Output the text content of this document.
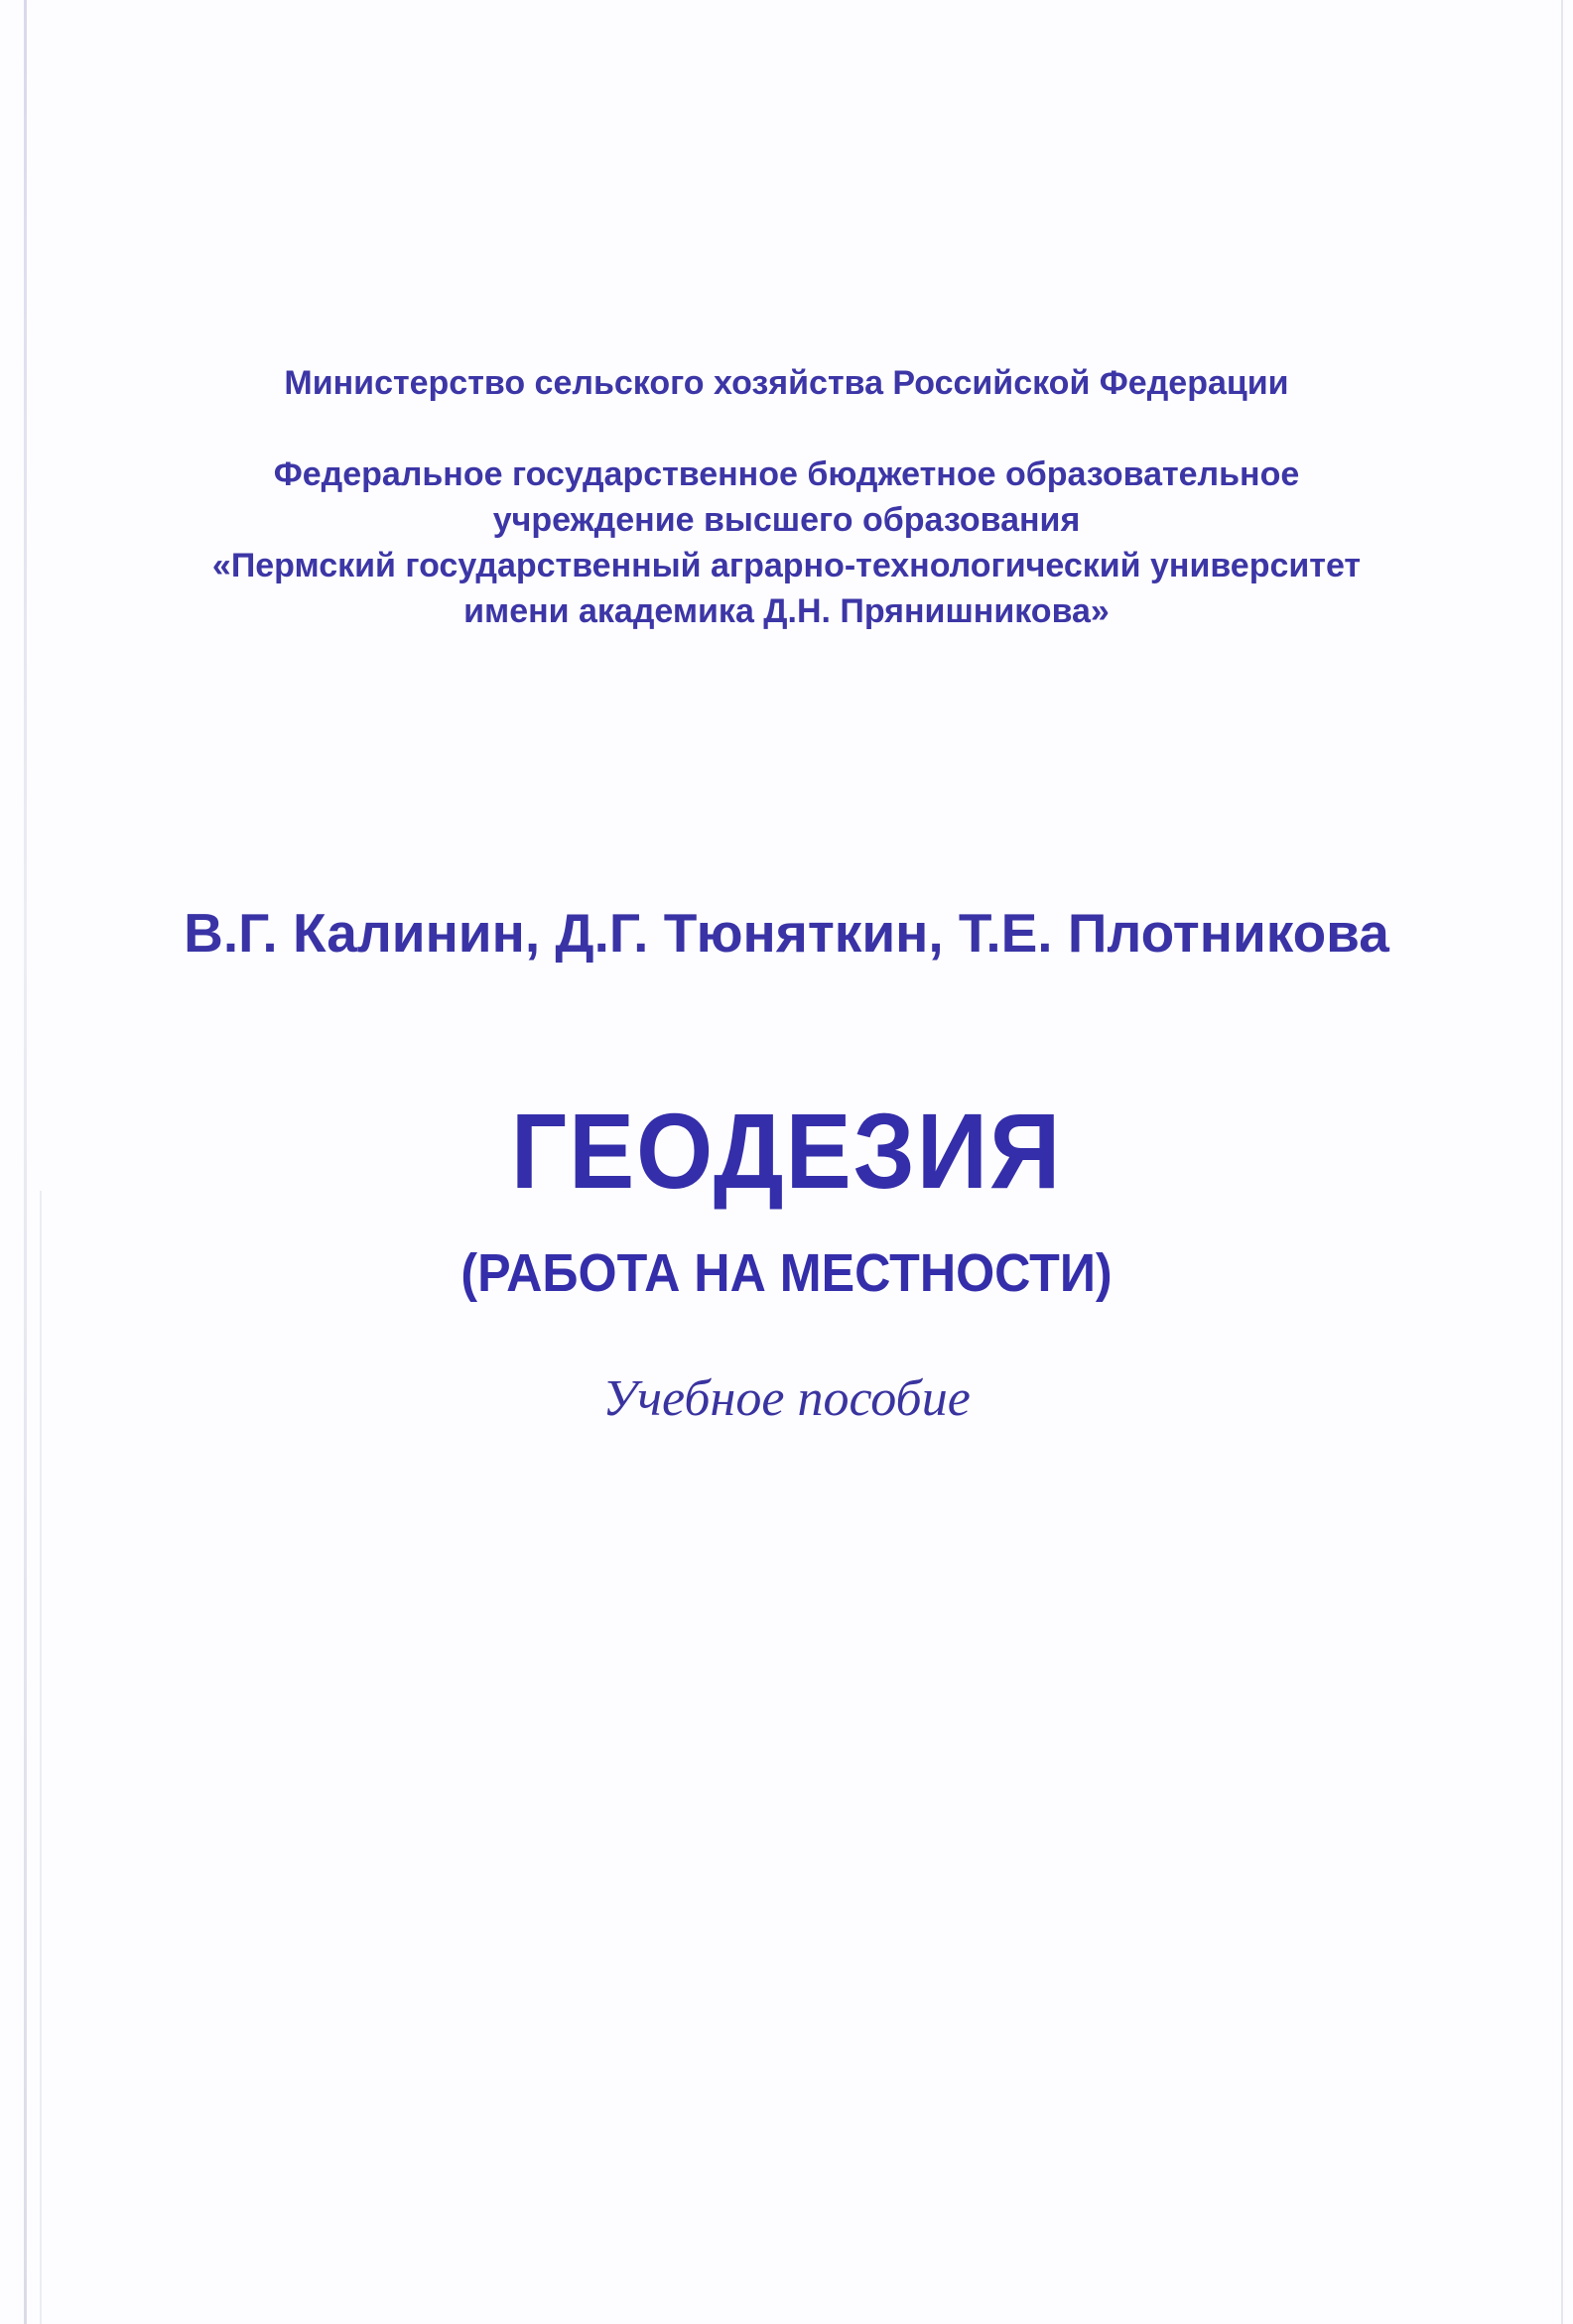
Министерство сельского хозяйства Российской Федерации
Федеральное государственное бюджетное образовательное
учреждение высшего образования
«Пермский государственный аграрно-технологический университет
имени академика Д.Н. Прянишникова»
В.Г. Калинин, Д.Г. Тюняткин, Т.Е. Плотникова
ГЕОДЕЗИЯ
(РАБОТА НА МЕСТНОСТИ)
Учебное пособие
